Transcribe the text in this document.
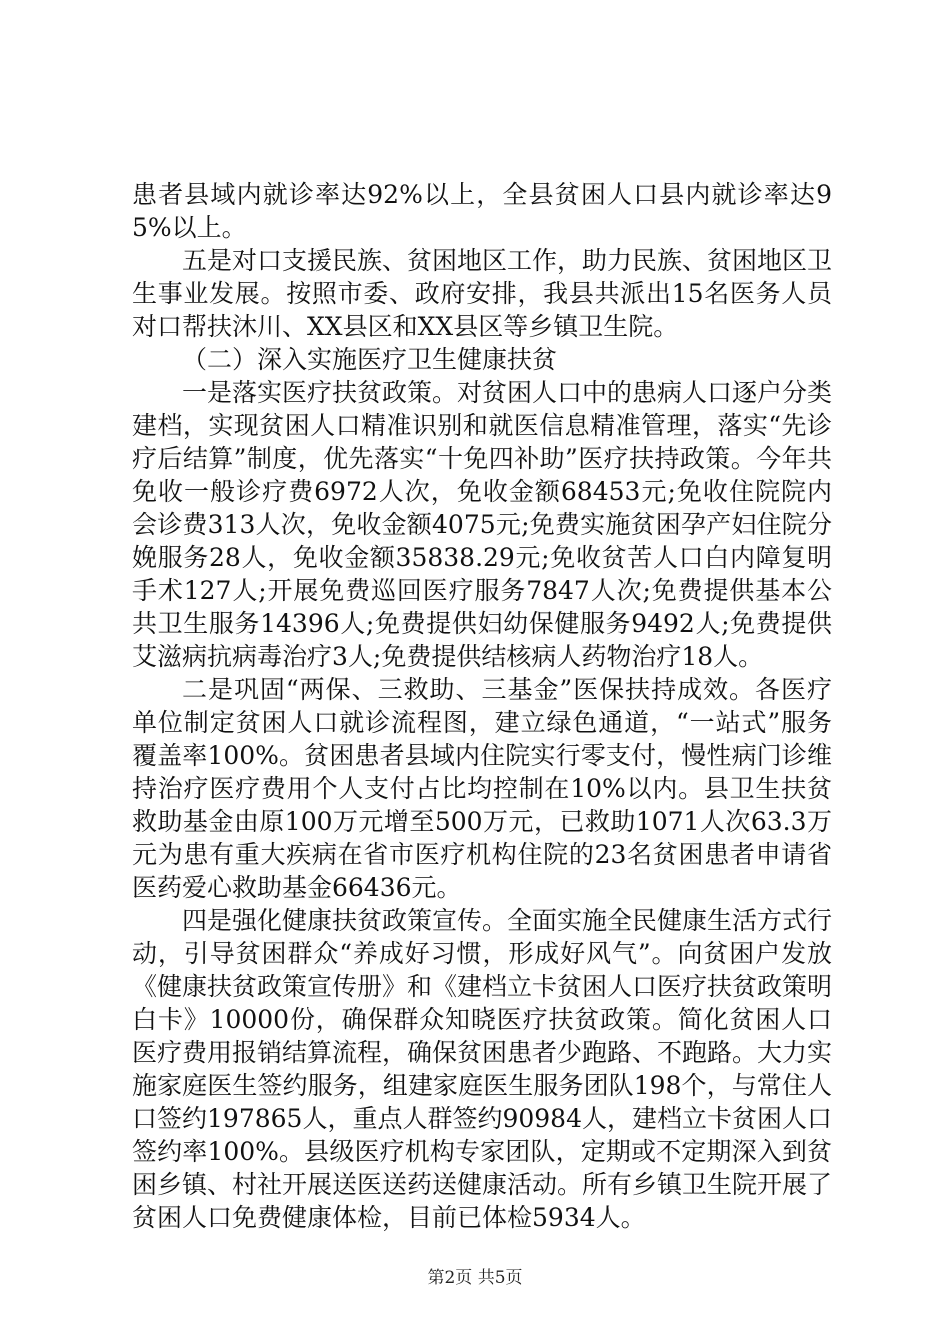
患者县域内就诊率达92%以上，全县贫困人口县内就诊率达95%以上。

五是对口支援民族、贫困地区工作，助力民族、贫困地区卫生事业发展。按照市委、政府安排，我县共派出15名医务人员对口帮扶沐川、XX县区和XX县区等乡镇卫生院。

（二）深入实施医疗卫生健康扶贫

一是落实医疗扶贫政策。对贫困人口中的患病人口逐户分类建档，实现贫困人口精准识别和就医信息精准管理，落实“先诊疗后结算”制度，优先落实“十免四补助”医疗扶持政策。今年共免收一般诊疗费6972人次，免收金额68453元;免收住院院内会诊费313人次，免收金额4075元;免费实施贫困孕产妇住院分娩服务28人，免收金额35838.29元;免收贫苦人口白内障复明手术127人;开展免费巡回医疗服务7847人次;免费提供基本公共卫生服务14396人;免费提供妇幼保健服务9492人;免费提供艾滋病抗病毒治疗3人;免费提供结核病人药物治疗18人。

二是巩固“两保、三救助、三基金”医保扶持成效。各医疗单位制定贫困人口就诊流程图，建立绿色通道，“一站式”服务覆盖率100%。贫困患者县域内住院实行零支付，慢性病门诊维持治疗医疗费用个人支付占比均控制在10%以内。县卫生扶贫救助基金由原100万元增至500万元，已救助1071人次63.3万元为患有重大疾病在省市医疗机构住院的23名贫困患者申请省医药爱心救助基金66436元。

四是强化健康扶贫政策宣传。全面实施全民健康生活方式行动，引导贫困群众“养成好习惯，形成好风气”。向贫困户发放《健康扶贫政策宣传册》和《建档立卡贫困人口医疗扶贫政策明白卡》10000份，确保群众知晓医疗扶贫政策。简化贫困人口医疗费用报销结算流程，确保贫困患者少跑路、不跑路。大力实施家庭医生签约服务，组建家庭医生服务团队198个，与常住人口签约197865人，重点人群签约90984人，建档立卡贫困人口签约率100%。县级医疗机构专家团队，定期或不定期深入到贫困乡镇、村社开展送医送药送健康活动。所有乡镇卫生院开展了贫困人口免费健康体检，目前已体检5934人。

第2页 共5页
